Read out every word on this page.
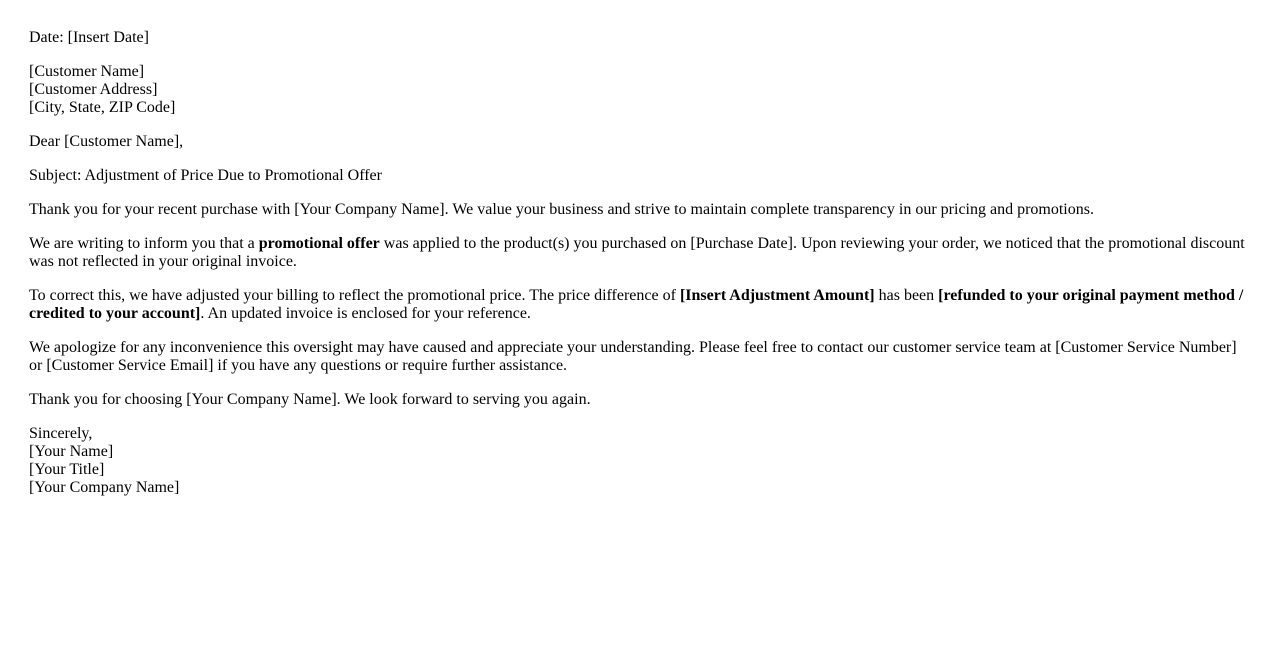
Date: [Insert Date]

[Customer Name]
[Customer Address]
[City, State, ZIP Code]

Dear [Customer Name],

Subject: Adjustment of Price Due to Promotional Offer

Thank you for your recent purchase with [Your Company Name]. We value your business and strive to maintain complete transparency in our pricing and promotions.

We are writing to inform you that a promotional offer was applied to the product(s) you purchased on [Purchase Date]. Upon reviewing your order, we noticed that the promotional discount was not reflected in your original invoice.

To correct this, we have adjusted your billing to reflect the promotional price. The price difference of [Insert Adjustment Amount] has been [refunded to your original payment method / credited to your account]. An updated invoice is enclosed for your reference.

We apologize for any inconvenience this oversight may have caused and appreciate your understanding. Please feel free to contact our customer service team at [Customer Service Number] or [Customer Service Email] if you have any questions or require further assistance.

Thank you for choosing [Your Company Name]. We look forward to serving you again.

Sincerely,
[Your Name]
[Your Title]
[Your Company Name]
